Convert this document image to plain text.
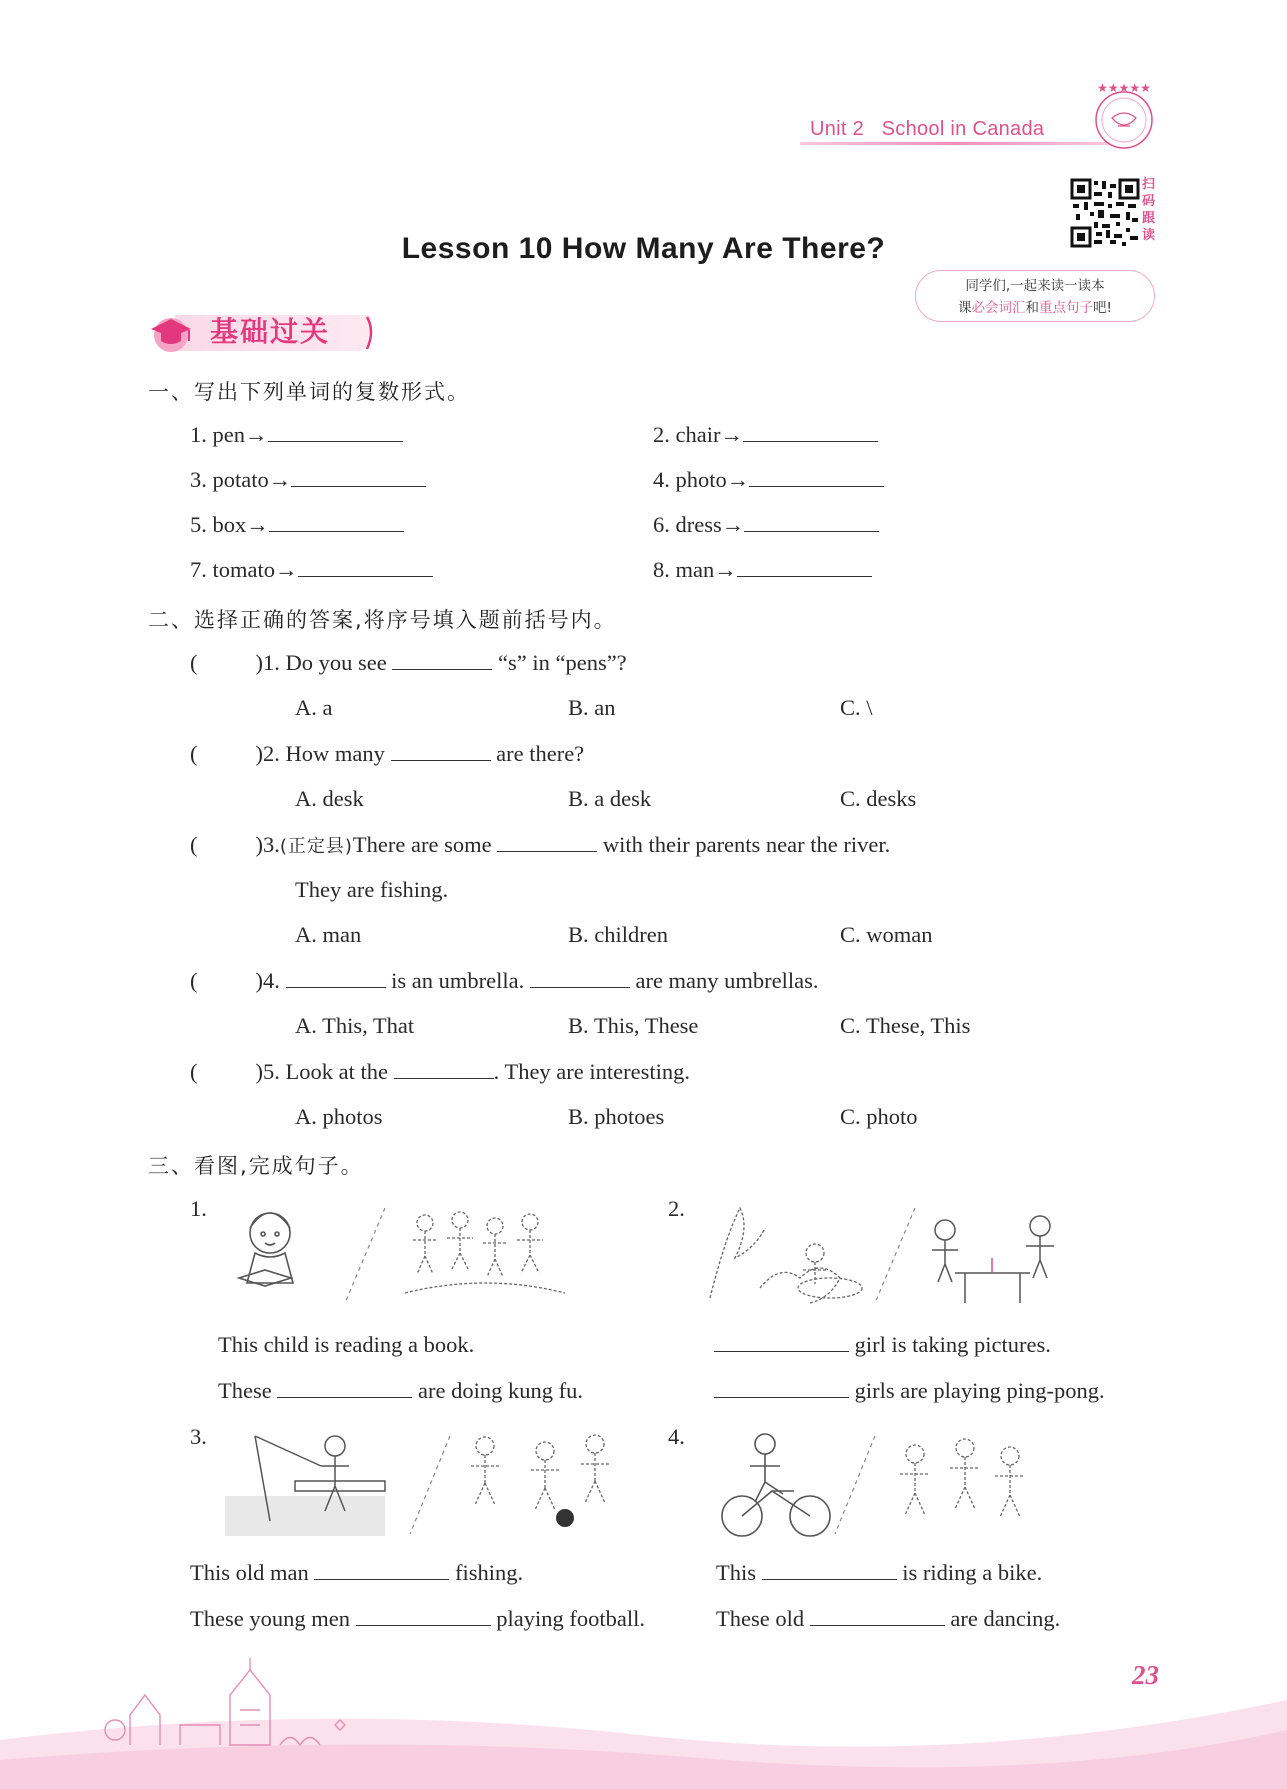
Unit 2 School in Canada
★★★★★
扫
码
跟
读
同学们,一起来读一读本
课必会词汇和重点句子吧!
Lesson 10 How Many Are There?
基础过关
一、写出下列单词的复数形式。
1. pen→	2. chair→
3. potato→	4. photo→
5. box→	6. dress→
7. tomato→	8. man→
二、选择正确的答案,将序号填入题前括号内。
(	)1. Do you see	“s” in “pens”?
A. a	B. an	C. \
(	)2. How many	are there?
A. desk	B. a desk	C. desks
(	)3.(正定县)There are some	with their parents near the river.
They are fishing.
A. man	B. children	C. woman
(	)4.	is an umbrella.	are many umbrellas.
A. This, That	B. This, These	C. These, This
(	)5. Look at the	. They are interesting.
A. photos	B. photoes	C. photo
三、看图,完成句子。
1.	2.
This child is reading a book.
These	are doing kung fu.
girl is taking pictures.
girls are playing ping-pong.
3.	4.
This old man	fishing.
These young men	playing football.
This	is riding a bike.
These old	are dancing.
23
